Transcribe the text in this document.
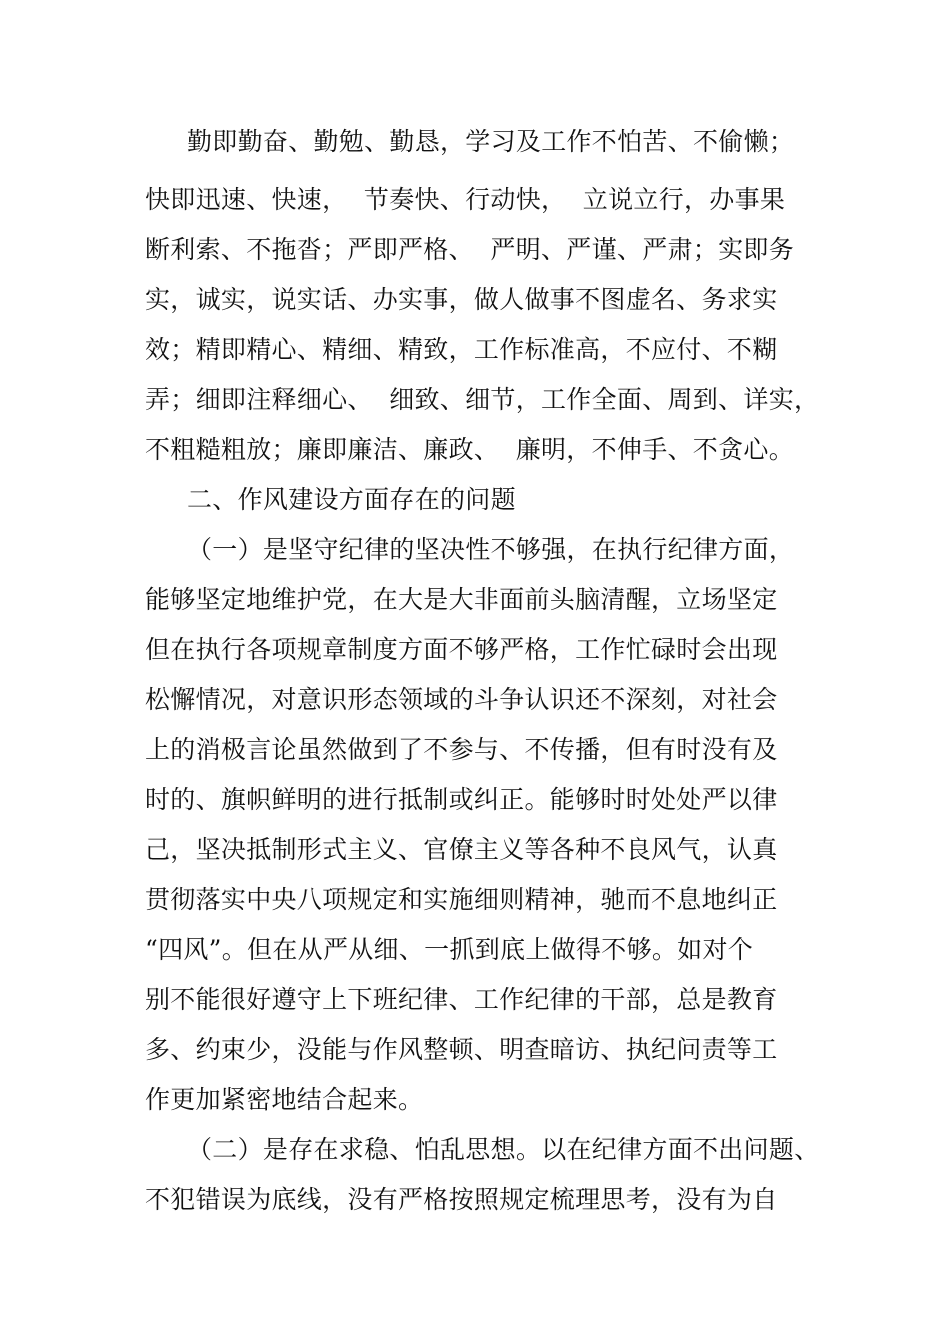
勤即勤奋、勤勉、勤恳，学习及工作不怕苦、不偷懒；
快即迅速、快速，  节奏快、行动快，  立说立行，办事果
断利索、不拖沓；严即严格、  严明、严谨、严肃；实即务
实，诚实，说实话、办实事，做人做事不图虚名、务求实
效；精即精心、精细、精致，工作标准高，不应付、不糊
弄；细即注释细心、  细致、细节，工作全面、周到、详实，
不粗糙粗放；廉即廉洁、廉政、  廉明，不伸手、不贪心。
二、作风建设方面存在的问题
（一）是坚守纪律的坚决性不够强，在执行纪律方面，
能够坚定地维护党，在大是大非面前头脑清醒，立场坚定
但在执行各项规章制度方面不够严格，工作忙碌时会出现
松懈情况，对意识形态领域的斗争认识还不深刻，对社会
上的消极言论虽然做到了不参与、不传播，但有时没有及
时的、旗帜鲜明的进行抵制或纠正。能够时时处处严以律
己，坚决抵制形式主义、官僚主义等各种不良风气，认真
贯彻落实中央八项规定和实施细则精神，驰而不息地纠正
“四风”。但在从严从细、一抓到底上做得不够。如对个
别不能很好遵守上下班纪律、工作纪律的干部，总是教育
多、约束少，没能与作风整顿、明查暗访、执纪问责等工
作更加紧密地结合起来。
（二）是存在求稳、怕乱思想。以在纪律方面不出问题、
不犯错误为底线，没有严格按照规定梳理思考，没有为自
